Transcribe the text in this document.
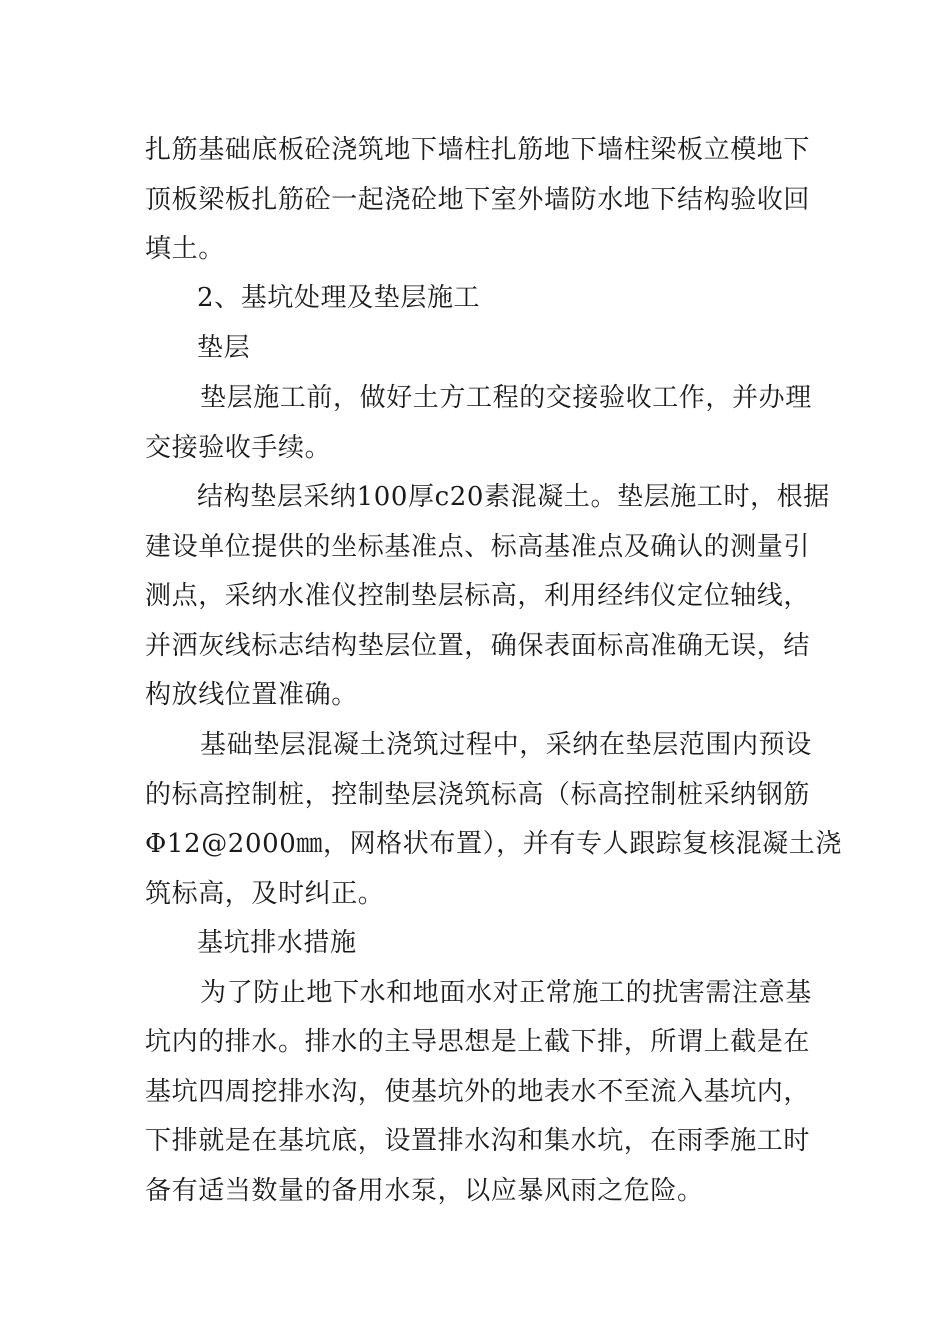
扎筋基础底板砼浇筑地下墙柱扎筋地下墙柱梁板立模地下
顶板梁板扎筋砼一起浇砼地下室外墙防水地下结构验收回
填土。
2、基坑处理及垫层施工
垫层
垫层施工前，做好土方工程的交接验收工作，并办理
交接验收手续。
结构垫层采纳100厚c20素混凝土。垫层施工时，根据
建设单位提供的坐标基准点、标高基准点及确认的测量引
测点，采纳水准仪控制垫层标高，利用经纬仪定位轴线，
并洒灰线标志结构垫层位置，确保表面标高准确无误，结
构放线位置准确。
基础垫层混凝土浇筑过程中，采纳在垫层范围内预设
的标高控制桩，控制垫层浇筑标高（标高控制桩采纳钢筋
Φ12@2000㎜，网格状布置），并有专人跟踪复核混凝土浇
筑标高，及时纠正。
基坑排水措施
为了防止地下水和地面水对正常施工的扰害需注意基
坑内的排水。排水的主导思想是上截下排，所谓上截是在
基坑四周挖排水沟，使基坑外的地表水不至流入基坑内，
下排就是在基坑底，设置排水沟和集水坑，在雨季施工时
备有适当数量的备用水泵，以应暴风雨之危险。
